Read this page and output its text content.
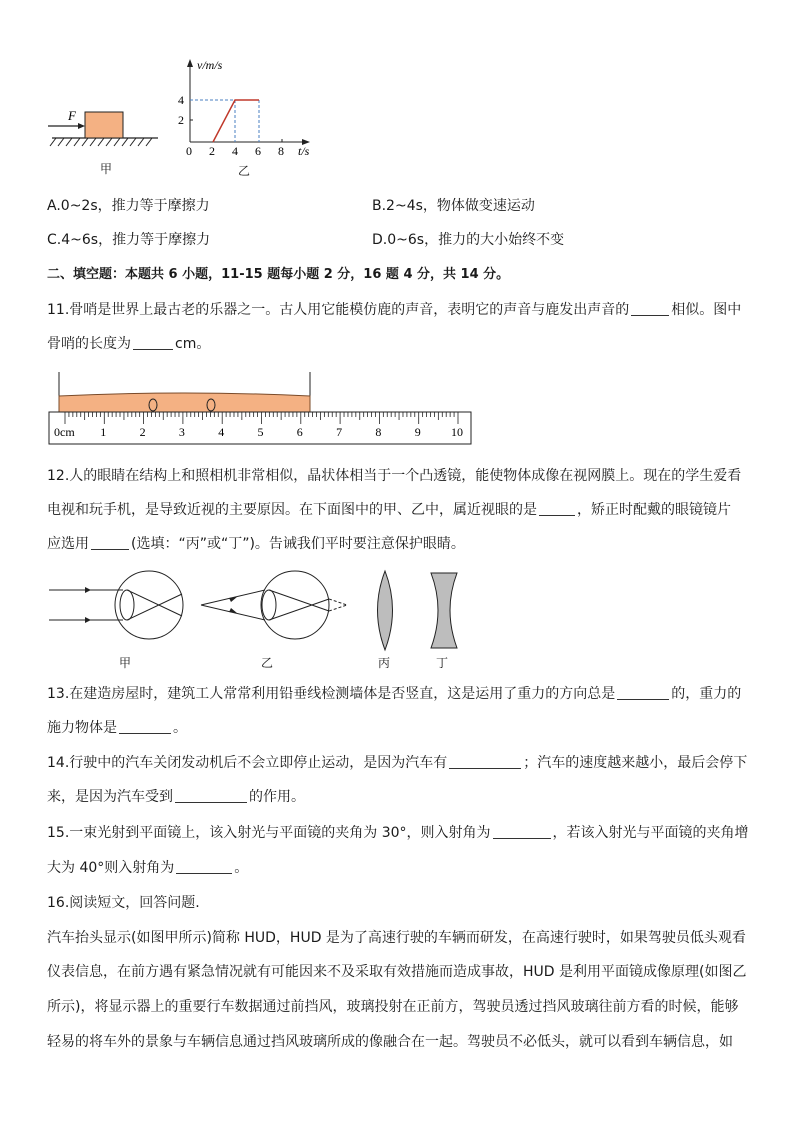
F
甲
v/m/s
t/s
4
2
0 2 4 6 8
乙
A.0~2s，推力等于摩擦力	B.2~4s，物体做变速运动
C.4~6s，推力等于摩擦力	D.0~6s，推力的大小始终不变
二、填空题：本题共 6 小题，11-15 题每小题 2 分，16 题 4 分，共 14 分。
11.骨哨是世界上最古老的乐器之一。古人用它能模仿鹿的声音，表明它的声音与鹿发出声音的	相似。图中
骨哨的长度为	cm。
0cm 1	2	3	4	5	6	7	8	9	10
12.人的眼睛在结构上和照相机非常相似，晶状体相当于一个凸透镜，能使物体成像在视网膜上。现在的学生爱看
电视和玩手机，是导致近视的主要原因。在下面图中的甲、乙中，属近视眼的是	，矫正时配戴的眼镜镜片
应选用	(选填：“丙”或“丁”)。告诫我们平时要注意保护眼睛。
甲	乙	丙	丁
13.在建造房屋时，建筑工人常常利用铅垂线检测墙体是否竖直，这是运用了重力的方向总是	的，重力的
施力物体是	。
14.行驶中的汽车关闭发动机后不会立即停止运动，是因为汽车有	；汽车的速度越来越小，最后会停下
来，是因为汽车受到	的作用。
15.一束光射到平面镜上，该入射光与平面镜的夹角为 30°，则入射角为	，若该入射光与平面镜的夹角增
大为 40°则入射角为	。
16.阅读短文，回答问题.
汽车抬头显示(如图甲所示)简称 HUD，HUD 是为了高速行驶的车辆而研发，在高速行驶时，如果驾驶员低头观看
仪表信息，在前方遇有紧急情况就有可能因来不及采取有效措施而造成事故，HUD 是利用平面镜成像原理(如图乙
所示)，将显示器上的重要行车数据通过前挡风，玻璃投射在正前方，驾驶员透过挡风玻璃往前方看的时候，能够
轻易的将车外的景象与车辆信息通过挡风玻璃所成的像融合在一起。驾驶员不必低头，就可以看到车辆信息，如
